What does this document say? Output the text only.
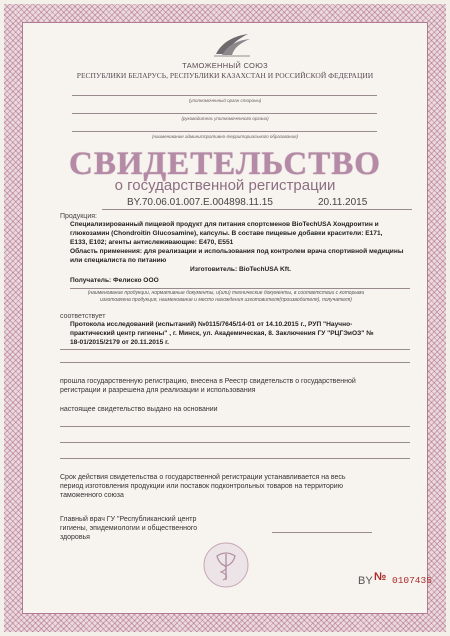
ТАМОЖЕННЫЙ СОЮЗ
РЕСПУБЛИКИ БЕЛАРУСЬ, РЕСПУБЛИКИ КАЗАХСТАН И РОССИЙСКОЙ ФЕДЕРАЦИИ
(уполномоченный орган стороны)
(руководитель уполномоченного органа)
(наименование административно-территориального образования)
СВИДЕТЕЛЬСТВО
о государственной регистрации
BY.70.06.01.007.E.004898.11.15	20.11.2015
Продукция:
Специализированный пищевой продукт для питания спортсменов BioTechUSA Хондроитин и
глюкозамин (Chondroitin Glucosamine), капсулы. В составе пищевые добавки красители: Е171,
Е133, Е102; агенты антислеживающие: Е470, Е551
Область применения: для реализации и использования под контролем врача спортивной медицины
или специалиста по питанию
Изготовитель: BioTechUSA Kft.
Получатель: Фелиско ООО
(наименование продукции, нормативные документы, и(или) технические документы, в соответствии с которыми
изготовлена продукция, наименование и место нахождения изготовителя(производителя), получателя)
соответствует
Протокола исследований (испытаний) №0115/7645/14-01 от 14.10.2015 г., РУП "Научно-
практический центр гигиены" , г. Минск, ул. Академическая, 8. Заключения ГУ "РЦГЭиОЗ" №
18-01/2015/2179 от 20.11.2015 г.
прошла государственную регистрацию, внесена в Реестр свидетельств о государственной
регистрации и разрешена для реализации и использования
настоящее свидетельство выдано на основании
Срок действия свидетельства о государственной регистрации устанавливается на весь
период изготовления продукции или поставок подконтрольных товаров на территорию
таможенного союза
Главный врач ГУ "Республиканский центр
гигиены, эпидемиологии и общественного
здоровья
BY № 0107435
